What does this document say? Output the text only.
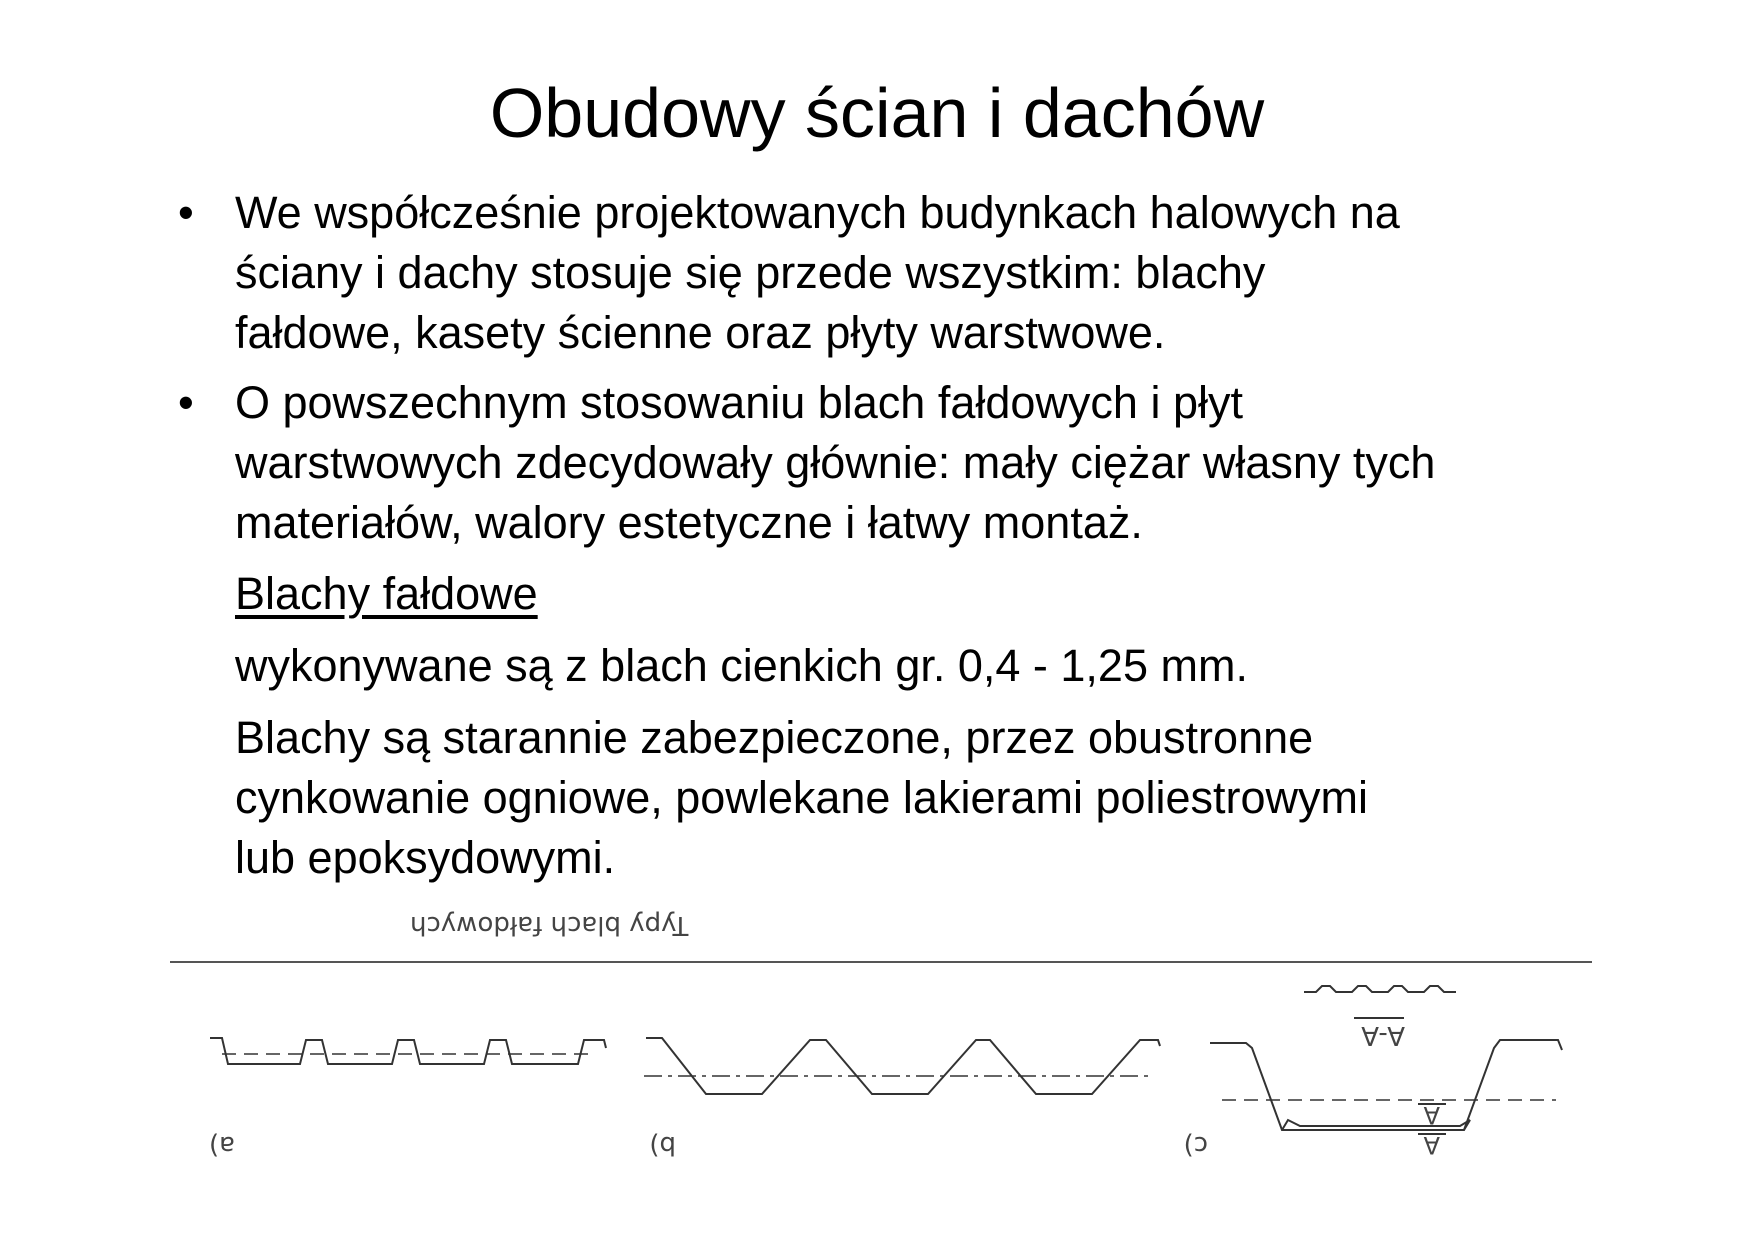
Obudowy ścian i dachów
• We współcześnie projektowanych budynkach halowych na
ściany i dachy stosuje się przede wszystkim: blachy
fałdowe, kasety ścienne oraz płyty warstwowe.
• O powszechnym stosowaniu blach fałdowych i płyt
warstwowych zdecydowały głównie: mały ciężar własny tych
materiałów, walory estetyczne i łatwy montaż.
Blachy fałdowe
wykonywane są z blach cienkich gr. 0,4 - 1,25 mm.
Blachy są starannie zabezpieczone, przez obustronne
cynkowanie ogniowe, powlekane lakierami poliestrowymi
lub epoksydowymi.
Typy blach fałdowych
a)	b)
A-A
A
A
c)
